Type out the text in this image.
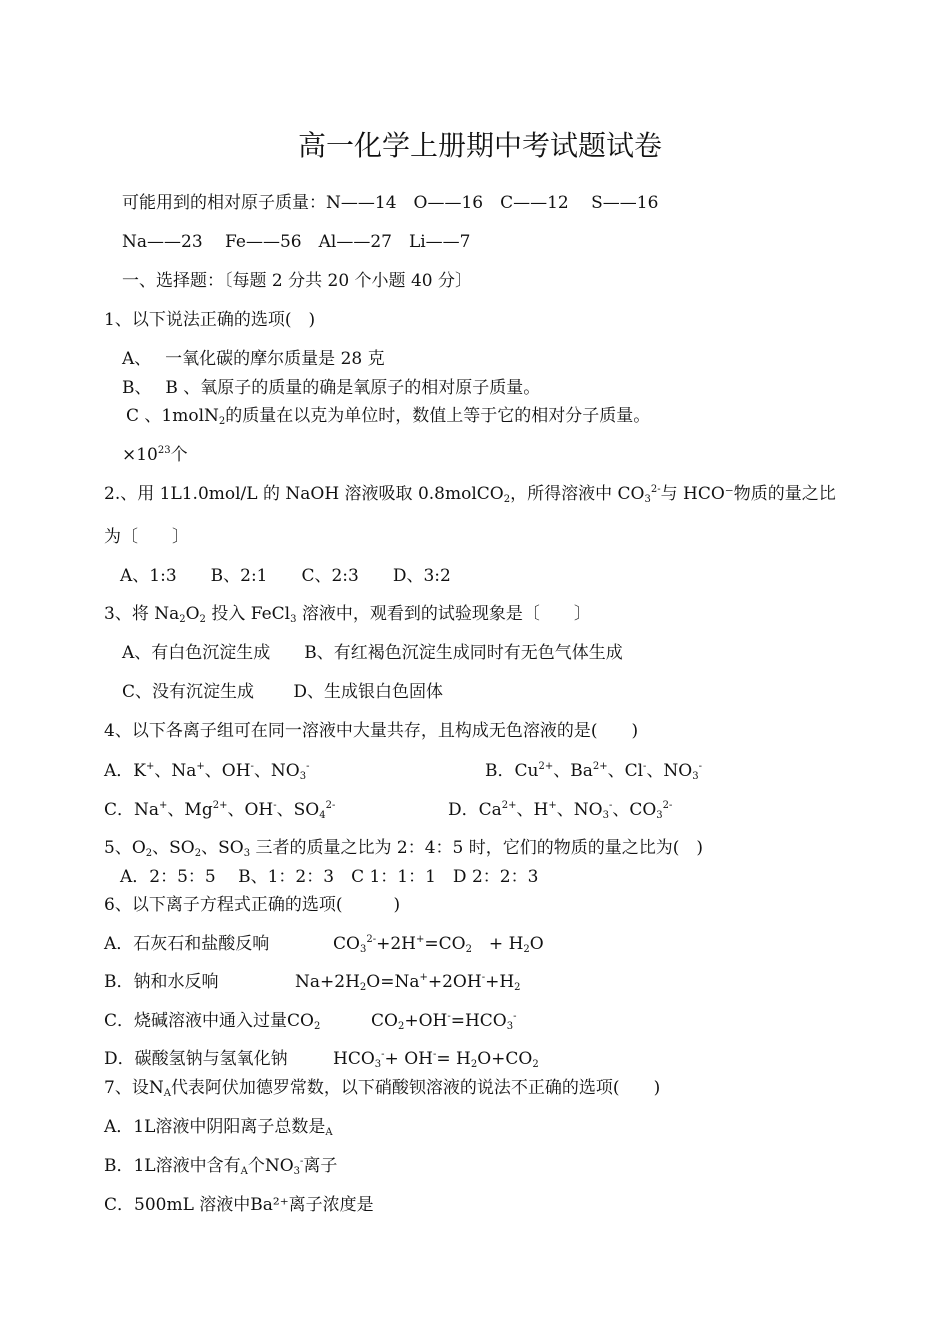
高一化学上册期中考试题试卷
可能用到的相对原子质量：N——14　O——16　C——12　 S——16
Na——23　 Fe——56　Al——27　Li——7
一、选择题：〔每题 2 分共 20 个小题 40 分〕
1、以下说法正确的选项(　)
A、　 一氧化碳的摩尔质量是 28 克
B、　 B 、氧原子的质量的确是氧原子的相对原子质量。
C 、1molN$_2$的质量在以克为单位时，数值上等于它的相对分子质量。
$\times 10^{23}$个
2.、用 1L1.0mol/L 的 NaOH 溶液吸取 0.8molCO$_2$，所得溶液中 $CO_3^{2-}$与 HCO⁻物质的量之比
为〔　　〕
A、1:3　　B、2:1　　C、2:3　　D、3:2
3、将 $Na_2O_2$ 投入 FeCl$_3$ 溶液中，观看到的试验现象是〔　　〕
A、有白色沉淀生成　　B、有红褐色沉淀生成同时有无色气体生成
C、没有沉淀生成　　 D、生成银白色固体
4、以下各离子组可在同一溶液中大量共存，且构成无色溶液的是(　　)
A．K+、Na+、OH-、$NO_3^-$	B．$Cu^{2+}$、$Ba^{2+}$、Cl-、$NO_3^-$
C．Na+、$Mg^{2+}$、OH-、$SO_4^{2-}$	D．$Ca^{2+}$、H+、$NO_3^-$、$CO_3^{2-}$
5、$O_2$、$SO_2$、$SO_3$ 三者的质量之比为 2：4：5 时，它们的物质的量之比为(　)
A．2：5：5　 B、1：2：3　C 1：1：1　D 2：2：3
6、以下离子方程式正确的选项(　　　)
A．石灰石和盐酸反响	$CO_3^{2-}+2H^+=CO_2$　+ $H_2O$
B．钠和水反响	$Na+2H_2O=Na^++2OH^-+H_2$
C．烧碱溶液中通入过量$CO_2$	$CO_2+OH^-=HCO_3^-$
D．碳酸氢钠与氢氧化钠	$HCO_3^-+ OH^-= H_2O+CO_2$
7、设$N_A$代表阿伏加德罗常数，以下硝酸钡溶液的说法不正确的选项(　　)
A．1L溶液中阴阳离子总数是$_A$
B．1L溶液中含有$_A$个$NO_3^-$离子
C．500mL 溶液中Ba²⁺离子浓度是
